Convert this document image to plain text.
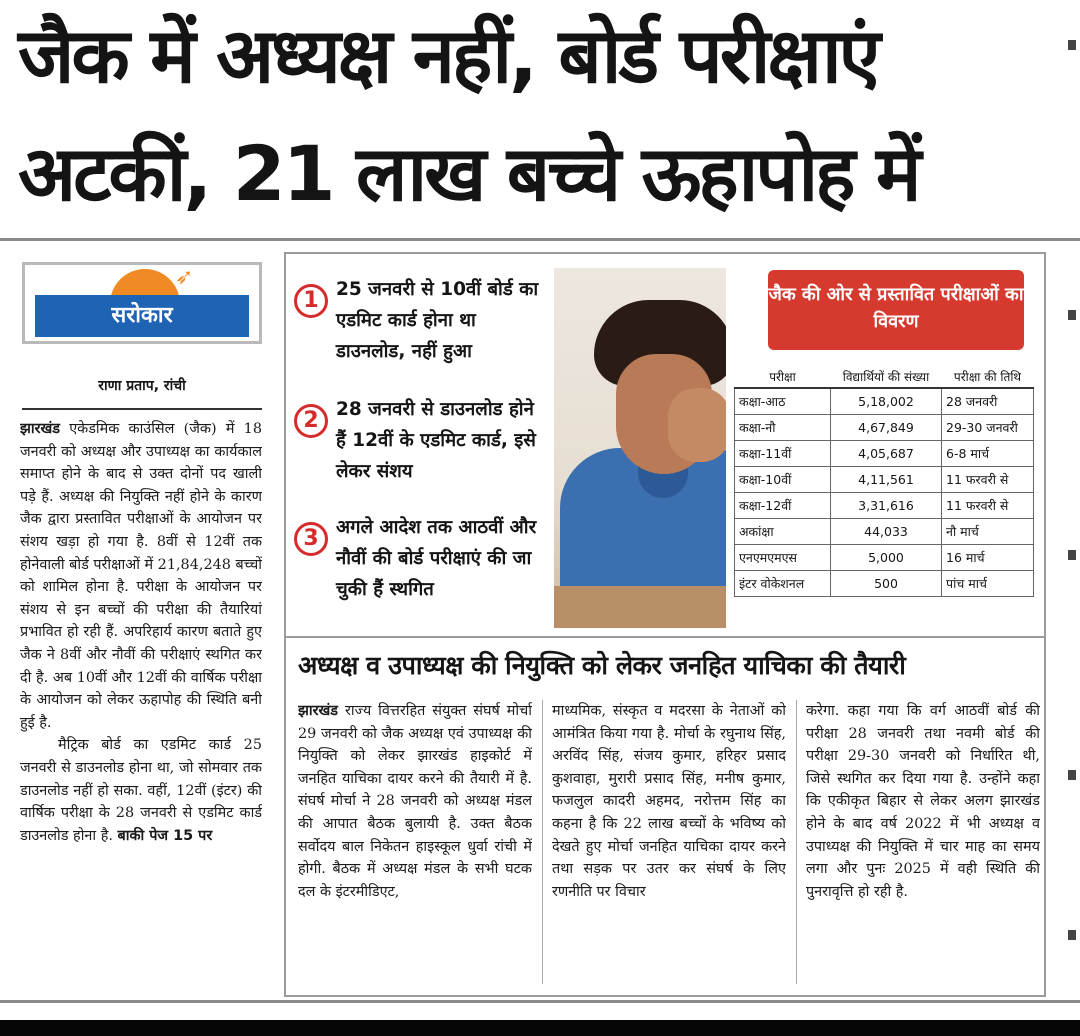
जैक में अध्यक्ष नहीं, बोर्ड परीक्षाएं
अटकीं, 21 लाख बच्चे ऊहापोह में
➶
सरोकार
राणा प्रताप, रांची

झारखंड एकेडमिक काउंसिल (जैक) में 18 जनवरी को अध्यक्ष और उपाध्यक्ष का कार्यकाल समाप्त होने के बाद से उक्त दोनों पद खाली पड़े हैं. अध्यक्ष की नियुक्ति नहीं होने के कारण जैक द्वारा प्रस्तावित परीक्षाओं के आयोजन पर संशय खड़ा हो गया है. 8वीं से 12वीं तक होनेवाली बोर्ड परीक्षाओं में 21,84,248 बच्चों को शामिल होना है. परीक्षा के आयोजन पर संशय से इन बच्चों की परीक्षा की तैयारियां प्रभावित हो रही हैं. अपरिहार्य कारण बताते हुए जैक ने 8वीं और नौवीं की परीक्षाएं स्थगित कर दी है. अब 10वीं और 12वीं की वार्षिक परीक्षा के आयोजन को लेकर ऊहापोह की स्थिति बनी हुई है.

मैट्रिक बोर्ड का एडमिट कार्ड 25 जनवरी से डाउनलोड होना था, जो सोमवार तक डाउनलोड नहीं हो सका. वहीं, 12वीं (इंटर) की वार्षिक परीक्षा के 28 जनवरी से एडमिट कार्ड डाउनलोड होना है. बाकी पेज 15 पर

1 25 जनवरी से 10वीं बोर्ड का एडमिट कार्ड होना था डाउनलोड, नहीं हुआ
2 28 जनवरी से डाउनलोड होने हैं 12वीं के एडमिट कार्ड, इसे लेकर संशय
3 अगले आदेश तक आठवीं और नौवीं की बोर्ड परीक्षाएं की जा चुकी हैं स्थगित
जैक की ओर से प्रस्तावित परीक्षाओं का विवरण
परीक्षा	विद्यार्थियों की संख्या	परीक्षा की तिथि
कक्षा-आठ	5,18,002	28 जनवरी
कक्षा-नौ	4,67,849	29-30 जनवरी
कक्षा-11वीं	4,05,687	6-8 मार्च
कक्षा-10वीं	4,11,561	11 फरवरी से
कक्षा-12वीं	3,31,616	11 फरवरी से
अकांक्षा	44,033	नौ मार्च
एनएमएमएस	5,000	16 मार्च
इंटर वोकेशनल	500	पांच मार्च
अध्यक्ष व उपाध्यक्ष की नियुक्ति को लेकर जनहित याचिका की तैयारी
झारखंड राज्य वित्तरहित संयुक्त संघर्ष मोर्चा 29 जनवरी को जैक अध्यक्ष एवं उपाध्यक्ष की नियुक्ति को लेकर झारखंड हाइकोर्ट में जनहित याचिका दायर करने की तैयारी में है. संघर्ष मोर्चा ने 28 जनवरी को अध्यक्ष मंडल की आपात बैठक बुलायी है. उक्त बैठक सर्वोदय बाल निकेतन हाइस्कूल धुर्वा रांची में होगी. बैठक में अध्यक्ष मंडल के सभी घटक दल के इंटरमीडिएट,
माध्यमिक, संस्कृत व मदरसा के नेताओं को आमंत्रित किया गया है. मोर्चा के रघुनाथ सिंह, अरविंद सिंह, संजय कुमार, हरिहर प्रसाद कुशवाहा, मुरारी प्रसाद सिंह, मनीष कुमार, फजलुल कादरी अहमद, नरोत्तम सिंह का कहना है कि 22 लाख बच्चों के भविष्य को देखते हुए मोर्चा जनहित याचिका दायर करने तथा सड़क पर उतर कर संघर्ष के लिए रणनीति पर विचार
करेगा. कहा गया कि वर्ग आठवीं बोर्ड की परीक्षा 28 जनवरी तथा नवमी बोर्ड की परीक्षा 29-30 जनवरी को निर्धारित थी, जिसे स्थगित कर दिया गया है. उन्होंने कहा कि एकीकृत बिहार से लेकर अलग झारखंड होने के बाद वर्ष 2022 में भी अध्यक्ष व उपाध्यक्ष की नियुक्ति में चार माह का समय लगा और पुनः 2025 में वही स्थिति की पुनरावृत्ति हो रही है.
